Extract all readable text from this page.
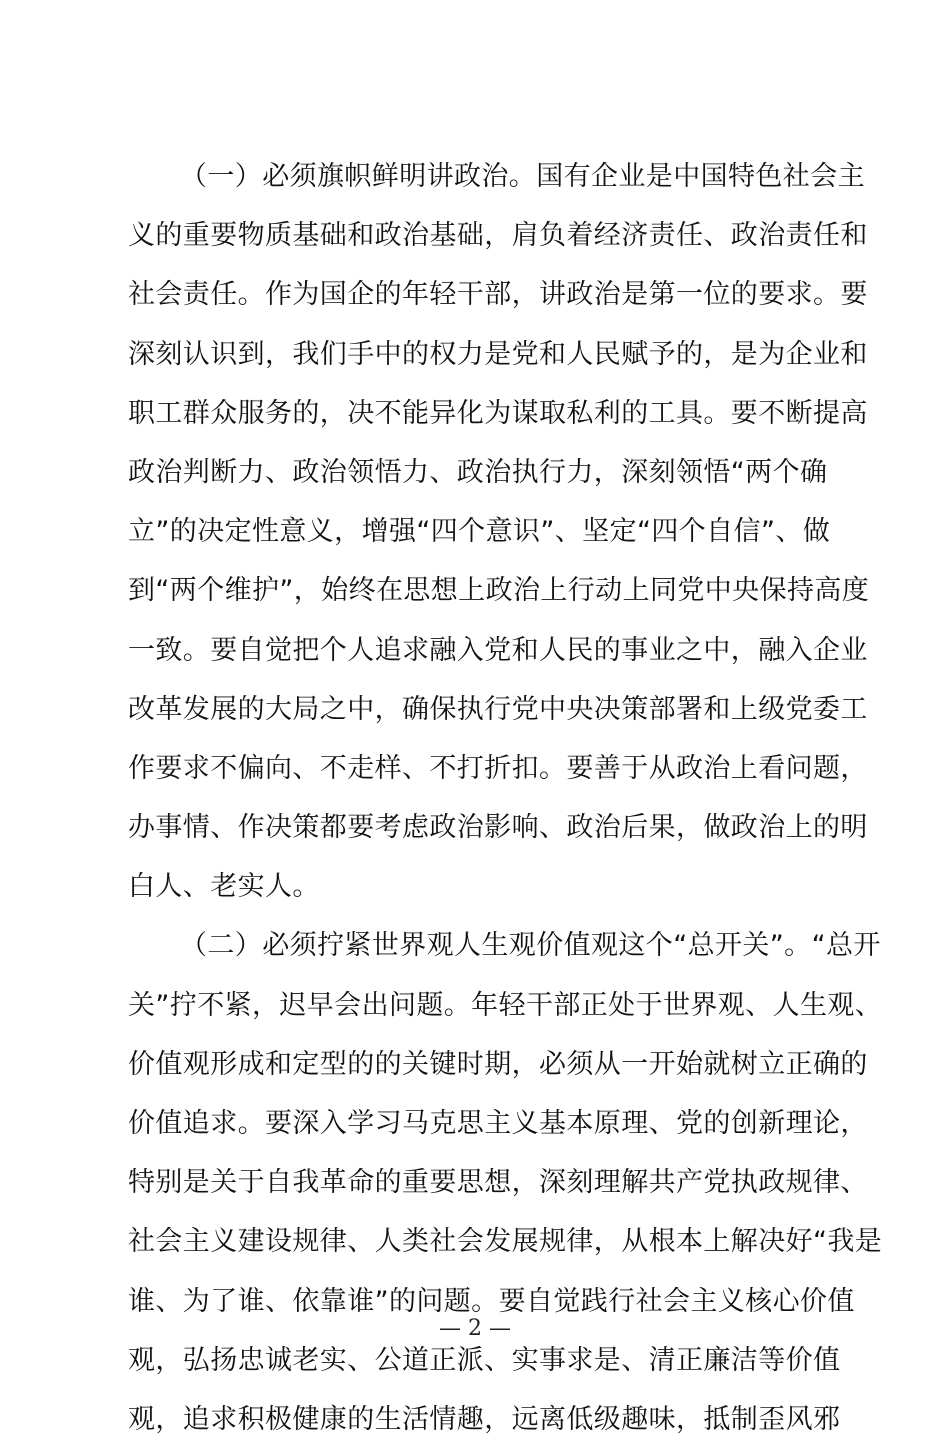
（一）必须旗帜鲜明讲政治。国有企业是中国特色社会主
义的重要物质基础和政治基础，肩负着经济责任、政治责任和
社会责任。作为国企的年轻干部，讲政治是第一位的要求。要
深刻认识到，我们手中的权力是党和人民赋予的，是为企业和
职工群众服务的，决不能异化为谋取私利的工具。要不断提高
政治判断力、政治领悟力、政治执行力，深刻领悟“两个确
立”的决定性意义，增强“四个意识”、坚定“四个自信”、做
到“两个维护”，始终在思想上政治上行动上同党中央保持高度
一致。要自觉把个人追求融入党和人民的事业之中，融入企业
改革发展的大局之中，确保执行党中央决策部署和上级党委工
作要求不偏向、不走样、不打折扣。要善于从政治上看问题，
办事情、作决策都要考虑政治影响、政治后果，做政治上的明
白人、老实人。
（二）必须拧紧世界观人生观价值观这个“总开关”。“总开
关”拧不紧，迟早会出问题。年轻干部正处于世界观、人生观、
价值观形成和定型的的关键时期，必须从一开始就树立正确的
价值追求。要深入学习马克思主义基本原理、党的创新理论，
特别是关于自我革命的重要思想，深刻理解共产党执政规律、
社会主义建设规律、人类社会发展规律，从根本上解决好“我是
谁、为了谁、依靠谁”的问题。要自觉践行社会主义核心价值
观，弘扬忠诚老实、公道正派、实事求是、清正廉洁等价值
观，追求积极健康的生活情趣，远离低级趣味，抵制歪风邪
— 2 —
